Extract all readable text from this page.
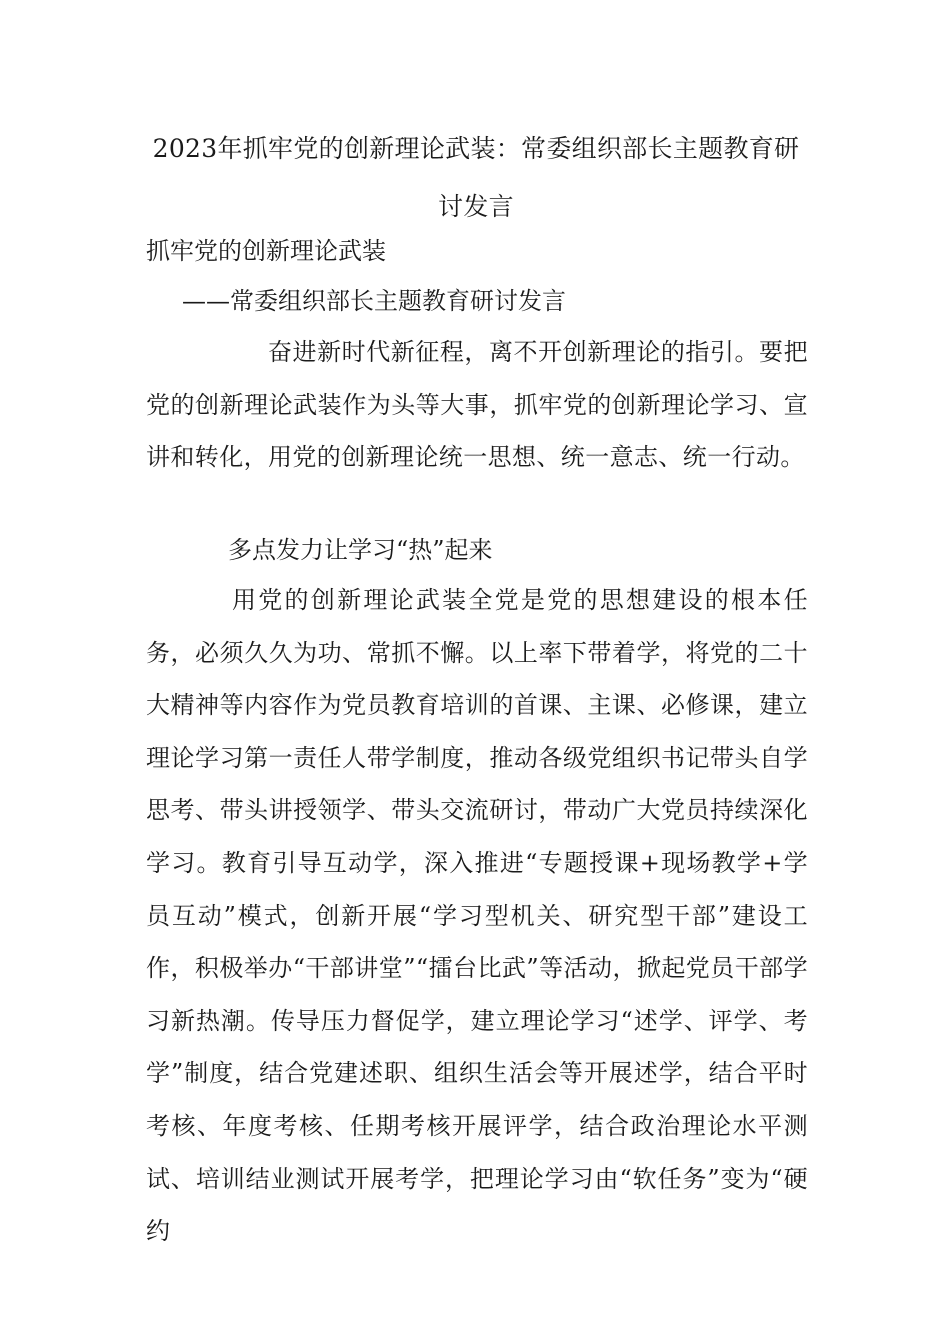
2023年抓牢党的创新理论武装：常委组织部长主题教育研讨发言
抓牢党的创新理论武装
——常委组织部长主题教育研讨发言
奋进新时代新征程，离不开创新理论的指引。要把党的创新理论武装作为头等大事，抓牢党的创新理论学习、宣讲和转化，用党的创新理论统一思想、统一意志、统一行动。
多点发力让学习“热”起来
用党的创新理论武装全党是党的思想建设的根本任务，必须久久为功、常抓不懈。以上率下带着学，将党的二十大精神等内容作为党员教育培训的首课、主课、必修课，建立理论学习第一责任人带学制度，推动各级党组织书记带头自学思考、带头讲授领学、带头交流研讨，带动广大党员持续深化学习。教育引导互动学，深入推进“专题授课+现场教学+学员互动”模式，创新开展“学习型机关、研究型干部”建设工作，积极举办“干部讲堂”“擂台比武”等活动，掀起党员干部学习新热潮。传导压力督促学，建立理论学习“述学、评学、考学”制度，结合党建述职、组织生活会等开展述学，结合平时考核、年度考核、任期考核开展评学，结合政治理论水平测试、培训结业测试开展考学，把理论学习由“软任务”变为“硬约
